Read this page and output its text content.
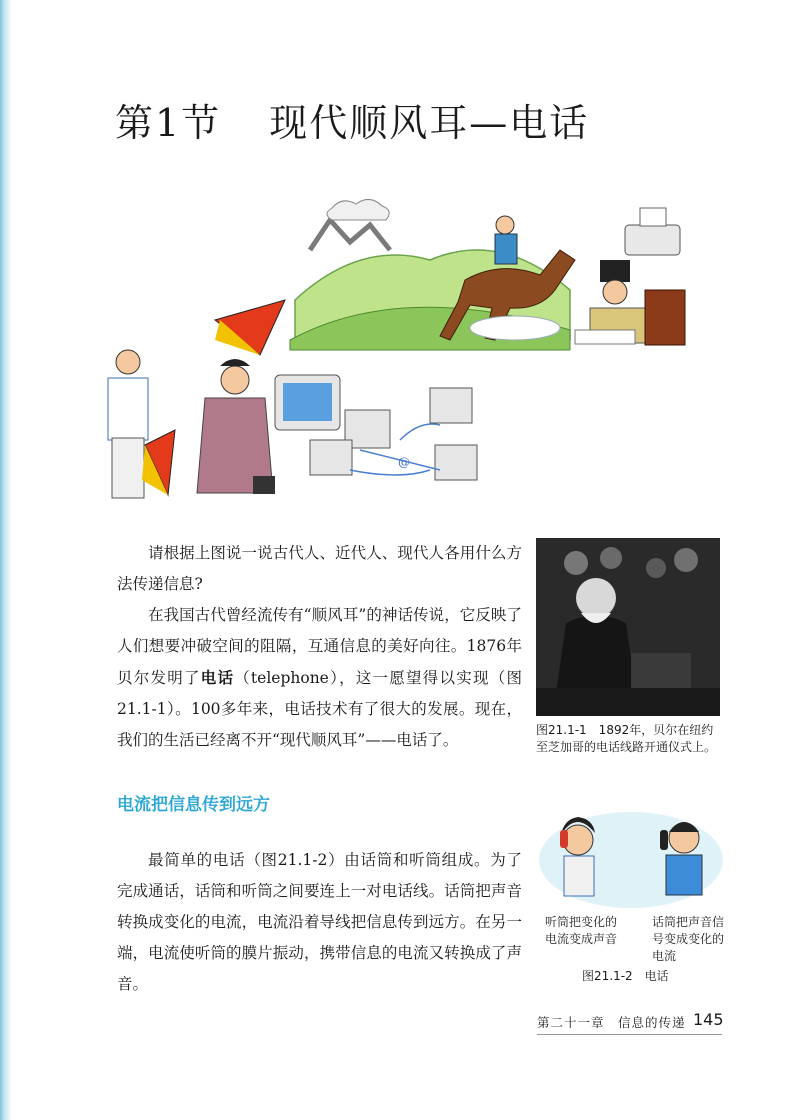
第1节 现代顺风耳—电话
@

请根据上图说一说古代人、近代人、现代人各用什么方法传递信息?

在我国古代曾经流传有“顺风耳”的神话传说，它反映了人们想要冲破空间的阻隔，互通信息的美好向往。1876年贝尔发明了电话（telephone），这一愿望得以实现（图21.1-1）。100多年来，电话技术有了很大的发展。现在，我们的生活已经离不开“现代顺风耳”——电话了。

电流把信息传到远方

最简单的电话（图21.1-2）由话筒和听筒组成。为了完成通话，话筒和听筒之间要连上一对电话线。话筒把声音转换成变化的电流，电流沿着导线把信息传到远方。在另一端，电流使听筒的膜片振动，携带信息的电流又转换成了声音。

图21.1-1　1892年，贝尔在纽约至芝加哥的电话线路开通仪式上。
听筒把变化的电流变成声音
话筒把声音信号变成变化的电流
图21.1-2　电话
第二十一章　信息的传递 145
